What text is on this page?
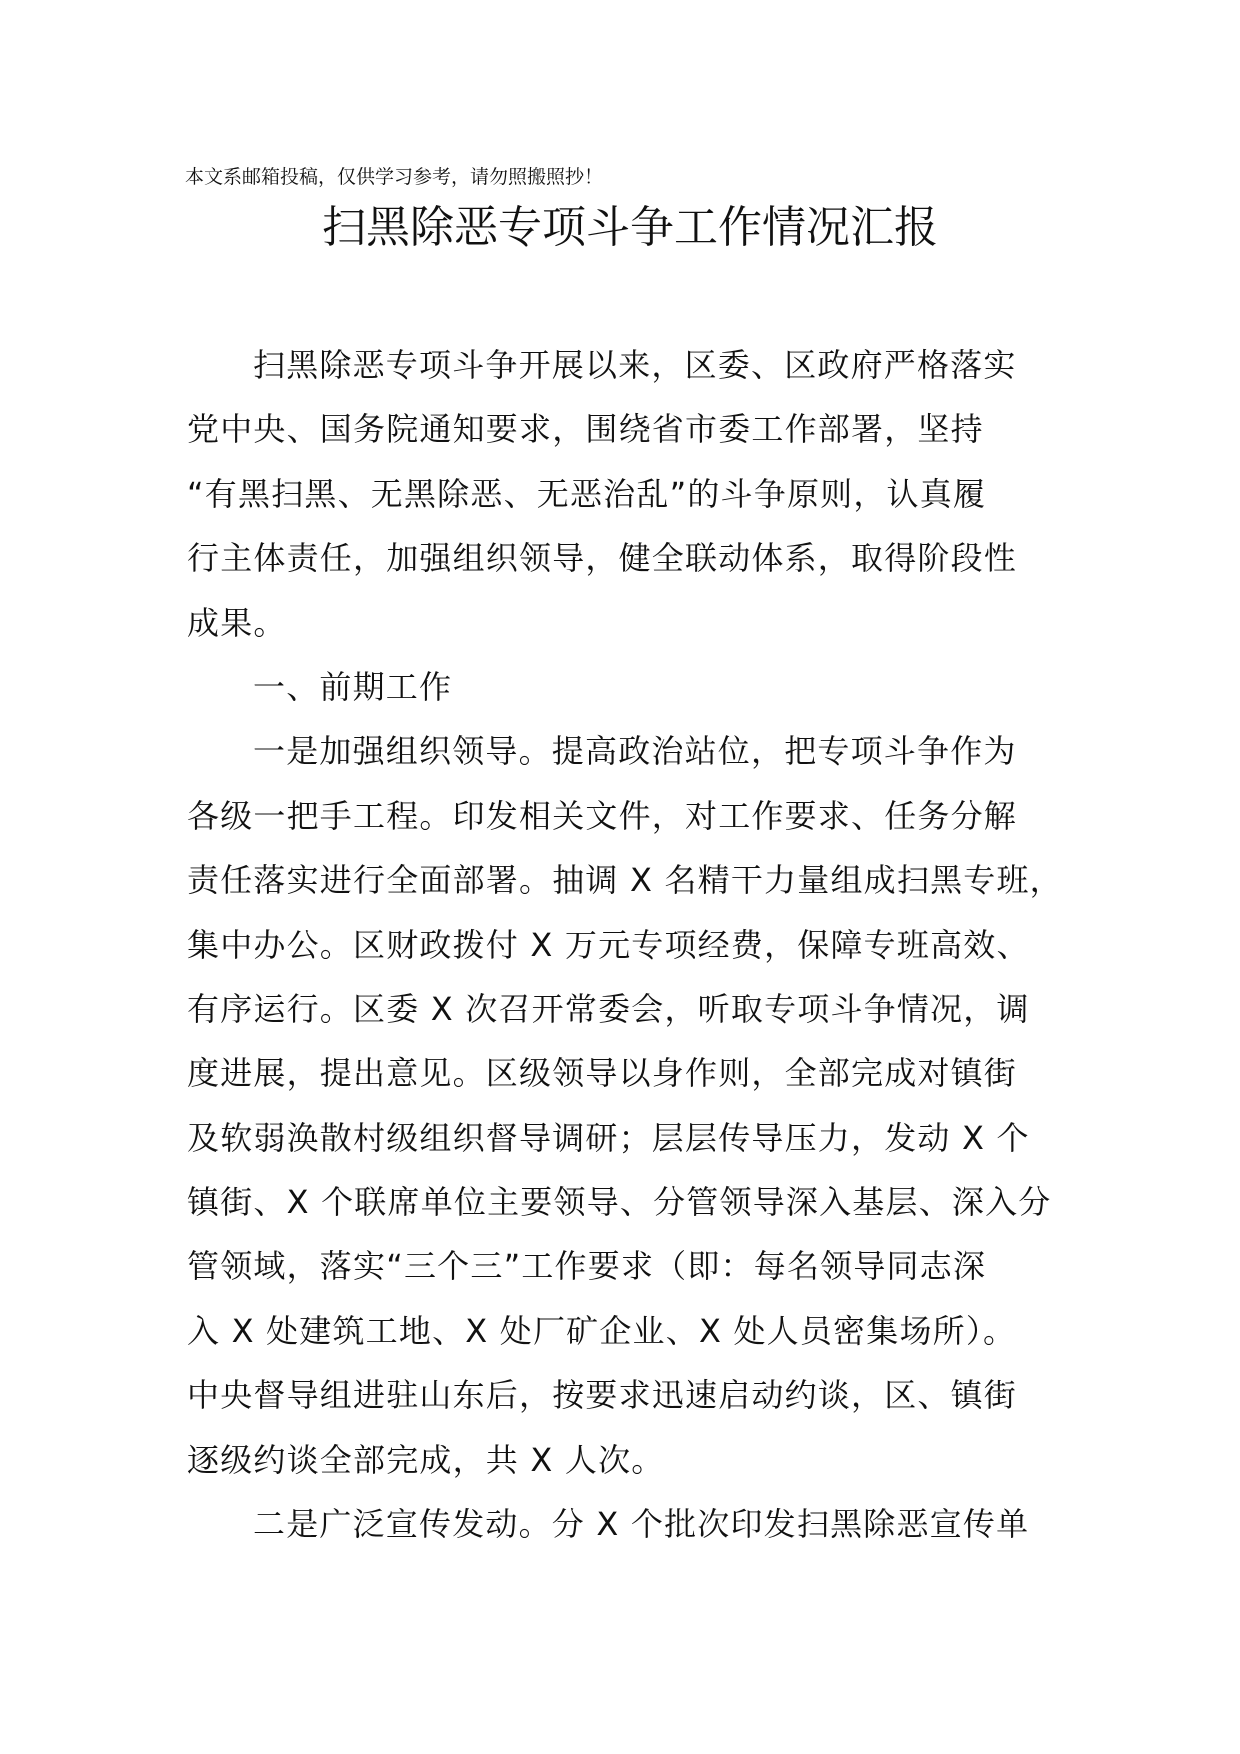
本文系邮箱投稿，仅供学习参考，请勿照搬照抄！
扫黑除恶专项斗争工作情况汇报
扫黑除恶专项斗争开展以来，区委、区政府严格落实
党中央、国务院通知要求，围绕省市委工作部署，坚持
“有黑扫黑、无黑除恶、无恶治乱”的斗争原则，认真履
行主体责任，加强组织领导，健全联动体系，取得阶段性
成果。
一、前期工作
一是加强组织领导。提高政治站位，把专项斗争作为
各级一把手工程。印发相关文件，对工作要求、任务分解
责任落实进行全面部署。抽调 X 名精干力量组成扫黑专班，
集中办公。区财政拨付 X 万元专项经费，保障专班高效、
有序运行。区委 X 次召开常委会，听取专项斗争情况，调
度进展，提出意见。区级领导以身作则，全部完成对镇街
及软弱涣散村级组织督导调研；层层传导压力，发动 X 个
镇街、X 个联席单位主要领导、分管领导深入基层、深入分
管领域，落实“三个三”工作要求（即：每名领导同志深
入 X 处建筑工地、X 处厂矿企业、X 处人员密集场所）。
中央督导组进驻山东后，按要求迅速启动约谈，区、镇街
逐级约谈全部完成，共 X 人次。
二是广泛宣传发动。分 X 个批次印发扫黑除恶宣传单
